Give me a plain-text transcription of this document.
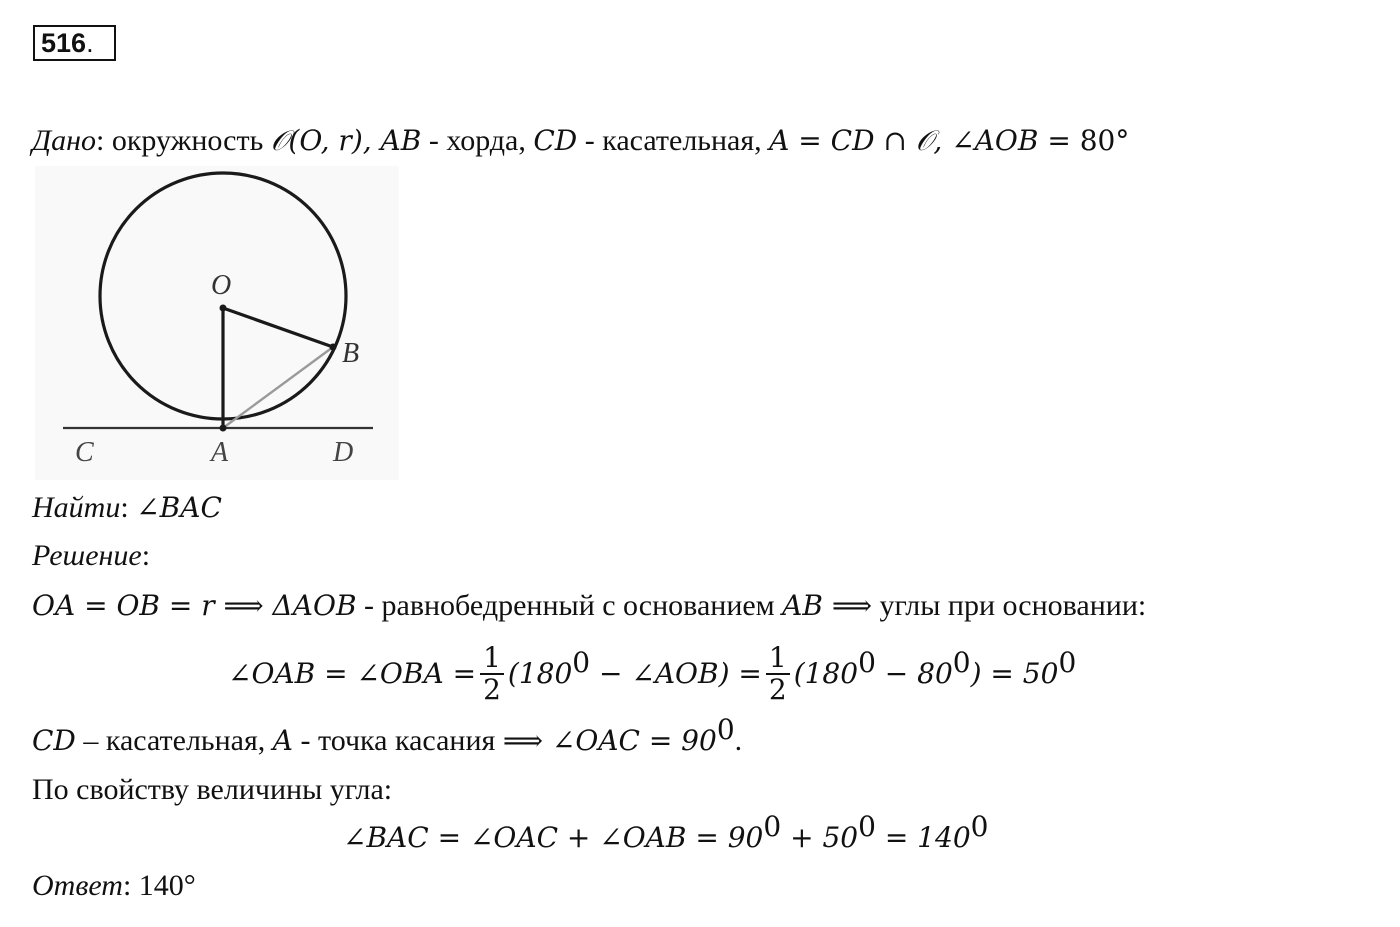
516.
Дано: окружность 𝒪(O, r), AB - хорда, CD - касательная, A = CD ∩ 𝒪, ∠AOB = 80°
O
B
C	A	D
Найти: ∠BAC
Решение:
OA = OB = r ⟹ ΔAOB - равнобедренный с основанием AB ⟹ углы при основании:
∠OAB = ∠OBA = $\frac{1}{2} (180^0$ − ∠AOB) = $\frac{1}{2} (180^0 - 80^0) = 50^0$
CD – касательная, A - точка касания ⟹ ∠OAC = $90^0$.
По свойству величины угла:
∠BAC = ∠OAC + ∠OAB = $90^0 + 50^0 = 140^0$
Ответ: 140°
